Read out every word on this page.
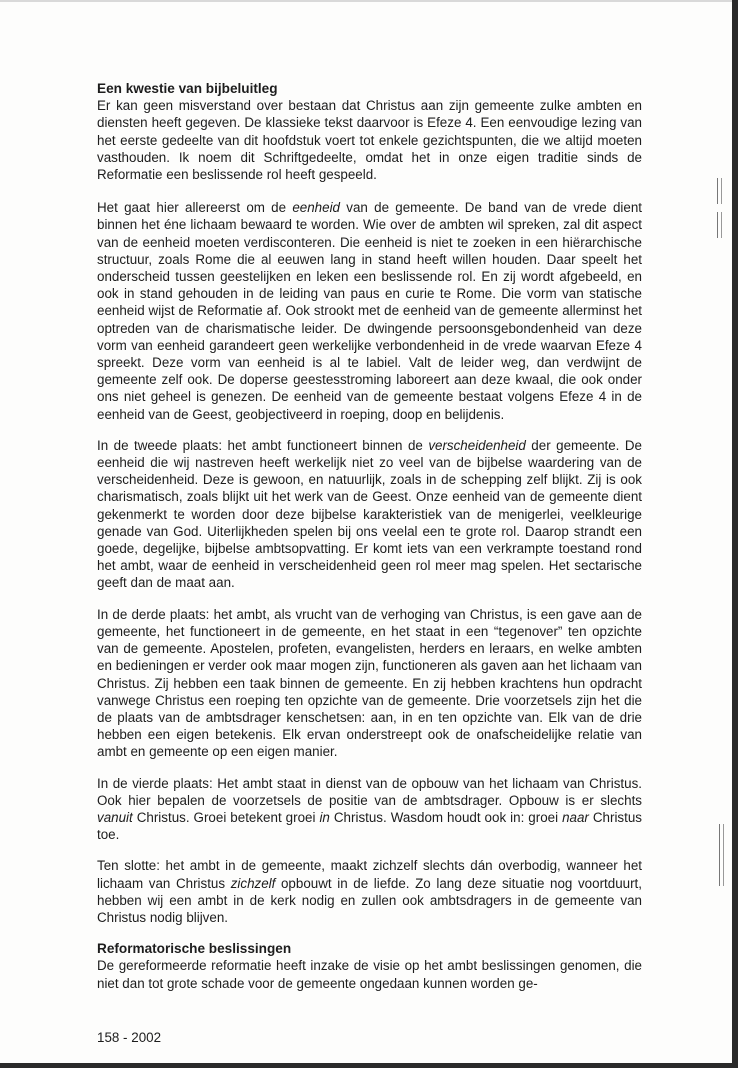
Een kwestie van bijbeluitleg

Er kan geen misverstand over bestaan dat Christus aan zijn gemeente zulke ambten en diensten heeft gegeven. De klassieke tekst daarvoor is Efeze 4. Een eenvoudige lezing van het eerste gedeelte van dit hoofdstuk voert tot enkele gezichtspunten, die we altijd moeten vasthouden. Ik noem dit Schriftgedeelte, omdat het in onze eigen traditie sinds de Reformatie een beslissende rol heeft gespeeld.

Het gaat hier allereerst om de eenheid van de gemeente. De band van de vrede dient binnen het éne lichaam bewaard te worden. Wie over de ambten wil spreken, zal dit aspect van de eenheid moeten verdisconteren. Die eenheid is niet te zoeken in een hiërarchische structuur, zoals Rome die al eeuwen lang in stand heeft willen houden. Daar speelt het onderscheid tussen geestelijken en leken een beslissende rol. En zij wordt afgebeeld, en ook in stand gehouden in de leiding van paus en curie te Rome. Die vorm van statische eenheid wijst de Reformatie af. Ook strookt met de eenheid van de gemeente allerminst het optreden van de charismatische leider. De dwingende persoonsgebondenheid van deze vorm van eenheid garandeert geen werkelijke verbondenheid in de vrede waarvan Efeze 4 spreekt. Deze vorm van eenheid is al te labiel. Valt de leider weg, dan verdwijnt de gemeente zelf ook. De doperse geestesstroming laboreert aan deze kwaal, die ook onder ons niet geheel is genezen. De eenheid van de gemeente bestaat volgens Efeze 4 in de eenheid van de Geest, geobjectiveerd in roeping, doop en belijdenis.

In de tweede plaats: het ambt functioneert binnen de verscheidenheid der gemeente. De eenheid die wij nastreven heeft werkelijk niet zo veel van de bijbelse waardering van de verscheidenheid. Deze is gewoon, en natuurlijk, zoals in de schepping zelf blijkt. Zij is ook charismatisch, zoals blijkt uit het werk van de Geest. Onze eenheid van de gemeente dient gekenmerkt te worden door deze bijbelse karakteristiek van de menigerlei, veelkleurige genade van God. Uiterlijkheden spelen bij ons veelal een te grote rol. Daarop strandt een goede, degelijke, bijbelse ambtsopvatting. Er komt iets van een verkrampte toestand rond het ambt, waar de eenheid in verscheidenheid geen rol meer mag spelen. Het sectarische geeft dan de maat aan.

In de derde plaats: het ambt, als vrucht van de verhoging van Christus, is een gave aan de gemeente, het functioneert in de gemeente, en het staat in een “tegenover” ten opzichte van de gemeente. Apostelen, profeten, evangelisten, herders en leraars, en welke ambten en bedieningen er verder ook maar mogen zijn, functioneren als gaven aan het lichaam van Christus. Zij hebben een taak binnen de gemeente. En zij hebben krachtens hun opdracht vanwege Christus een roeping ten opzichte van de gemeente. Drie voorzetsels zijn het die de plaats van de ambtsdrager kenschetsen: aan, in en ten opzichte van. Elk van de drie hebben een eigen betekenis. Elk ervan onderstreept ook de onafscheidelijke relatie van ambt en gemeente op een eigen manier.

In de vierde plaats: Het ambt staat in dienst van de opbouw van het lichaam van Christus. Ook hier bepalen de voorzetsels de positie van de ambtsdrager. Opbouw is er slechts vanuit Christus. Groei betekent groei in Christus. Wasdom houdt ook in: groei naar Christus toe.

Ten slotte: het ambt in de gemeente, maakt zichzelf slechts dán overbodig, wanneer het lichaam van Christus zichzelf opbouwt in de liefde. Zo lang deze situatie nog voortduurt, hebben wij een ambt in de kerk nodig en zullen ook ambtsdragers in de gemeente van Christus nodig blijven.

Reformatorische beslissingen

De gereformeerde reformatie heeft inzake de visie op het ambt beslissingen genomen, die niet dan tot grote schade voor de gemeente ongedaan kunnen worden ge-

158 - 2002
